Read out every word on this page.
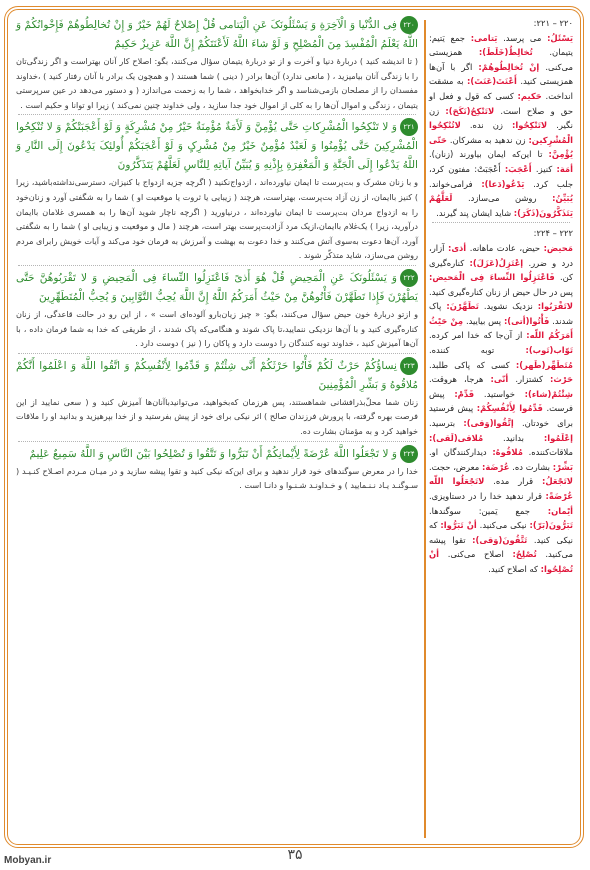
۲۲۰فِی الدُّنْیا وَ الْآخِرَةِ وَ یَسْئَلُونَکَ عَنِ الْیَتامی قُلْ إِصْلاحٌ لَهُمْ خَیْرٌ وَ إِنْ تُخالِطُوهُمْ فَإِخْوانُکُمْ وَ اللَّهُ یَعْلَمُ الْمُفْسِدَ مِنَ الْمُصْلِحِ وَ لَوْ شاءَ اللَّهُ لَأَعْنَتَکُمْ إِنَّ اللَّهَ عَزِیزٌ حَکِیمٌ

( تا اندیشه کنید ) دربارۀ دنیا و آخرت و از تو دربارۀ یتیمان سؤال می‌کنند، بگو: اصلاح کار آنان بهتراست و اگر زندگی‌تان را با زندگی آنان بیامیزید ، ( مانعی ندارد) آن‌ها برادر ( دینی ) شما هستند ( و همچون یک برادر با آنان رفتار کنید ) ،خداوند مفسدان را از مصلحان بازمی‌شناسد و اگر خدابخواهد ، شما را به زحمت می‌اندازد ( و دستور می‌دهد در عین سرپرستی یتیمان ، زندگی و اموال آن‌ها را به کلی از اموال خود جدا سازید ، ولی خداوند چنین نمی‌کند ) زیرا او توانا و حکیم است .

۲۲۱وَ لا تَنْکِحُوا الْمُشْرِکاتِ حَتَّی یُؤْمِنَّ وَ لَأَمَةٌ مُؤْمِنَةٌ خَیْرٌ مِنْ مُشْرِکَةٍ وَ لَوْ أَعْجَبَتْکُمْ وَ لا تُنْکِحُوا الْمُشْرِکِینَ حَتَّی یُؤْمِنُوا وَ لَعَبْدٌ مُؤْمِنٌ خَیْرٌ مِنْ مُشْرِکٍ وَ لَوْ أَعْجَبَکُمْ أُولئِکَ یَدْعُونَ إِلَی النَّارِ وَ اللَّهُ یَدْعُوا إِلَی الْجَنَّةِ وَ الْمَغْفِرَةِ بِإِذْنِهِ وَ یُبَیِّنُ آیاتِهِ لِلنَّاسِ لَعَلَّهُمْ یَتَذَکَّرُونَ

و با زنان مشرک و بت‌پرست تا ایمان نیاورده‌اند ، ازدواج‌نکنید ( اگرچه جزیه ازدواج با کنیزان، دسترسی‌نداشته‌باشید، زیرا ) کنیز باایمان، از زن آزاد بت‌پرست، بهتراست، هرچند ( زیبایی یا ثروت یا موقعیت او ) شما را به شگفتی آورد و زنان‌خود را به ازدواج مردان بت‌پرست تا ایمان نیاورده‌اند ، درنیاورید ( اگرچه ناچار شوید آن‌ها را به همسری غلامان باایمان درآورید، زیرا ) یک‌غلام باایمان،ازیک مرد آزادبت‌پرست بهتر است، هرچند ( مال و موقعیت و زیبایی او ) شما را به شگفتی آورد، آن‌ها دعوت به‌سوی آتش می‌کنند و خدا دعوت به بهشت و آمرزش به فرمان خود می‌کند و آیات خویش رابرای مردم روشن می‌سازد، شاید متذکّر شوند .

۲۲۲وَ یَسْئَلُونَکَ عَنِ الْمَحِیضِ قُلْ هُوَ أَذیً فَاعْتَزِلُوا النِّساءَ فِی الْمَحِیضِ وَ لا تَقْرَبُوهُنَّ حَتَّی یَطْهُرْنَ فَإِذا تَطَهَّرْنَ فَأْتُوهُنَّ مِنْ حَیْثُ أَمَرَکُمُ اللَّهُ إِنَّ اللَّهَ یُحِبُّ التَّوَّابِینَ وَ یُحِبُّ الْمُتَطَهِّرِینَ

و ازتو دربارۀ خون حیض سؤال می‌کنند، بگو: « چیز زیان‌بارو آلوده‌ای است » ، از این رو در حالت قاعدگی، از زنان کناره‌گیری کنید و با آن‌ها نزدیکی ننمایید،تا پاک شوند و هنگامی‌که پاک شدند ، از طریقی که خدا به شما فرمان داده ، با آن‌ها آمیزش کنید ، خداوند توبه کنندگان را دوست دارد و پاکان را ( نیز ) دوست دارد .

۲۲۳نِساؤُکُمْ حَرْثٌ لَکُمْ فَأْتُوا حَرْثَکُمْ أَنَّی شِئْتُمْ وَ قَدِّمُوا لِأَنْفُسِکُمْ وَ اتَّقُوا اللَّهَ وَ اعْلَمُوا أَنَّکُمْ مُلاقُوهُ وَ بَشِّرِ الْمُؤْمِنِینَ

زنان شما محلّ‌بذرافشانی شماهستند، پس هرزمان که‌بخواهید، می‌توانیدباآنان‌ها آمیزش کنید و ( سعی نمایید از این فرصت بهره گرفته، با پرورش فرزندان صالح ) اثر نیکی برای خود از پیش بفرستید و از خدا بپرهیزید و بدانید او را ملاقات خواهید کرد و به مؤمنان بشارت ده.

۲۲۴وَ لا تَجْعَلُوا اللَّهَ عُرْضَةً لِأَیْمانِکُمْ أَنْ تَبَرُّوا وَ تَتَّقُوا وَ تُصْلِحُوا بَیْنَ النَّاسِ وَ اللَّهُ سَمِیعٌ عَلِیمٌ

خدا را در معرض سوگندهای خود قرار ندهید و برای این‌که نیکی کنید و تقوا پیشه سازید و در میـان مـردم اصـلاح کنـیـد ( سـوگنـد یـاد نـنـمایید ) و خـداونـد شـنـوا و دانـا است .

۲۲۰ – ۲۲۱:

یَسْئَلُ: می پرسد. یَتامی: جمع یَتیم: یتیمان. تُخالِطُ(خَلَطَ): همزیستی می‌کنی. إنْ تُخالِطُوهُمْ: اگر با آن‌ها همزیستی کنید. أَعْنَتَ(عَنَتَ): به مشقت انداخت. حَکیم: کسی که قول و فعل او حق و صلاح است. لاتَنْکِحُ(نَکَحَ): زن نگیر. لاتَنْکِحُوا: زن نده. لاتُنْکِحُوا الْمُشْرِکین: زن ندهید به مشرکان. حَتّی یُؤْمِنَّ: تا این‌که ایمان بیاورند (زنان). أمَة: کنیز. أَعْجَبَ: أَعْجَبَتْ: مفتون کرد، جلب کرد. یَدْعُو(دَعا): فرامی‌خواند. یُبَیِّنُ: روشن می‌سازد. لَعَلَّهُمْ یَتَذَکَّرُونَ(ذَکَرَ): شاید ایشان پند گیرند.

۲۲۲ – ۲۲۴:

مَحیض: حیض، عادت ماهانه. أذی: آزار، درد و ضرر. إعْتَزِلُ(عَزَلَ): کناره‌گیری کن. فَاعْتَزِلُوا النِّساءَ فِی الْمَحیض: پس در حال حیض از زنان کناره‌گیری کنید. لاتَقْرَبُوا: نزدیک نشوید. تَطَهَّرْنَ: پاک شدند. فَأْتُوا(أتی): پس بیایید. مِنْ حَیْثُ أَمَرَکُمُ اللّه: از آن‌جا که خدا امر کرده. تَوّاب(تَوب): توبه کننده. مُتَطَهِّر(طَهر): کسی که پاکی طلبد. حَرْث: کشتزار. أنّی: هرجا، هروقت. شِئْتُمْ(شاء): خواستید. قَدِّمْ: پیش فرست. قَدِّمُوا لِأَنْفُسِکُمْ: پیش فرستید برای خودتان. إتَّقُوا(وَقی): بترسید. إعْلَمُوا: بدانید. مُلاقی(لَقی): ملاقات‌کننده. مُلاقُوهُ: دیدارکنندگان او. بَشِّرْ: بشارت ده. عُرْضَة: معرض، حجت. لاتَجْعَلُ: قرار مده. لاتَجْعَلُوا اللّه عُرْضَةً: قرار ندهید خدا را در دستاویزی. أیْمان: جمع یَمین: سوگندها. تَبَرُّونَ(بَرّ): نیکی می‌کنید. أنْ تَبَرُّوا: که نیکی کنید. تَتَّقُونَ(وَقی): تقوا پیشه می‌کنید. تُصْلِحُ: اصلاح می‌کنی. أنْ تُصْلِحُوا: که اصلاح کنید.

۳۵
Mobyan.ir
